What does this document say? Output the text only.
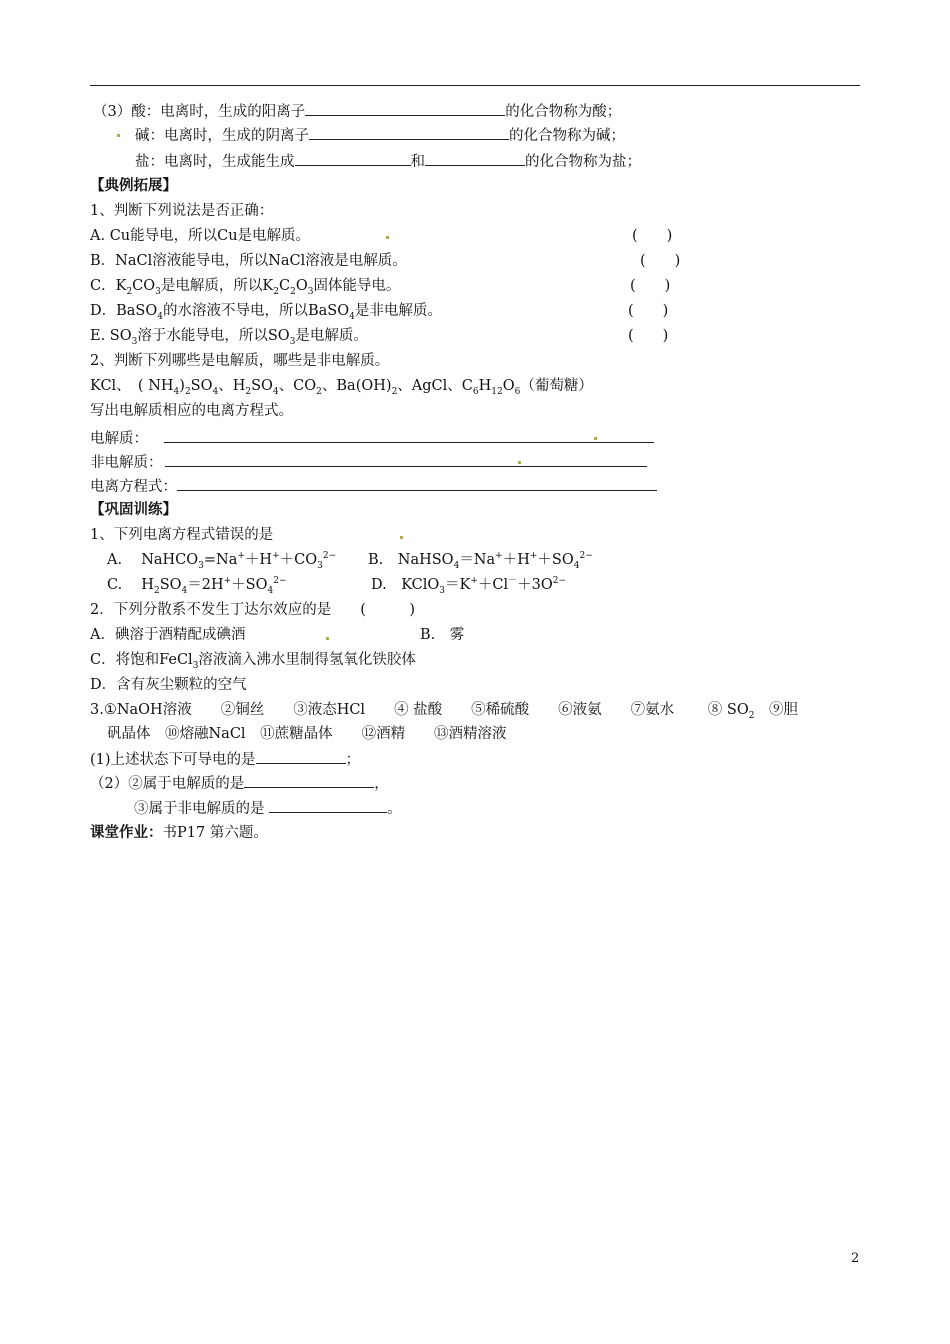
（3）酸：电离时，生成的阳离子	的化合物称为酸；
碱：电离时，生成的阴离子	的化合物称为碱；
盐：电离时，生成能生成	和	的化合物称为盐；
【典例拓展】
1、判断下列说法是否正确：
A. Cu能导电，所以Cu是电解质。	(　　)
B．NaCl溶液能导电，所以NaCl溶液是电解质。	(　　)
C．$K_2CO_3$是电解质，所以$K_2C_2O_3$固体能导电。	(　　)
D．BaSO$_4$的水溶液不导电，所以BaSO$_4$是非电解质。	(　　)
E. $SO_3$溶于水能导电，所以$SO_3$是电解质。	(　　)
2、判断下列哪些是电解质，哪些是非电解质。
KCl、　( $NH_4)_2SO_4$、$H_2SO_4$、$CO_2$、$Ba(OH)_2$、AgCl、$C_6H_{12}O_6$（葡萄糖）
写出电解质相应的电离方程式。
电解质：
非电解质：
电离方程式：
【巩固训练】
1、下列电离方程式错误的是
A.　 $NaHCO_3=Na^++H^++CO_3^{2-}$ B.　$NaHSO_4=Na^++H^++SO_4^{2-}$
C.　 $H_2SO_4=2H^++SO_4^{2-}$	D.　$KClO_3=K^++Cl^-+3O^{2-}$
2．下列分散系不发生丁达尔效应的是　　(　　　)
A．碘溶于酒精配成碘酒	B.　雾
C．将饱和FeCl$_3$溶液滴入沸水里制得氢氧化铁胶体
D．含有灰尘颗粒的空气
3.①NaOH溶液　　②铜丝　　③液态HCl　　④ 盐酸　　⑤稀硫酸　　⑥液氨　　⑦氨水　　 ⑧ $SO_2$　⑨胆
矾晶体　⑩熔融NaCl　⑪蔗糖晶体　　⑫酒精　　⑬酒精溶液
(1)上述状态下可导电的是	；
（2）②属于电解质的是	，
③属于非电解质的是	。
课堂作业：书P17 第六题。
2
